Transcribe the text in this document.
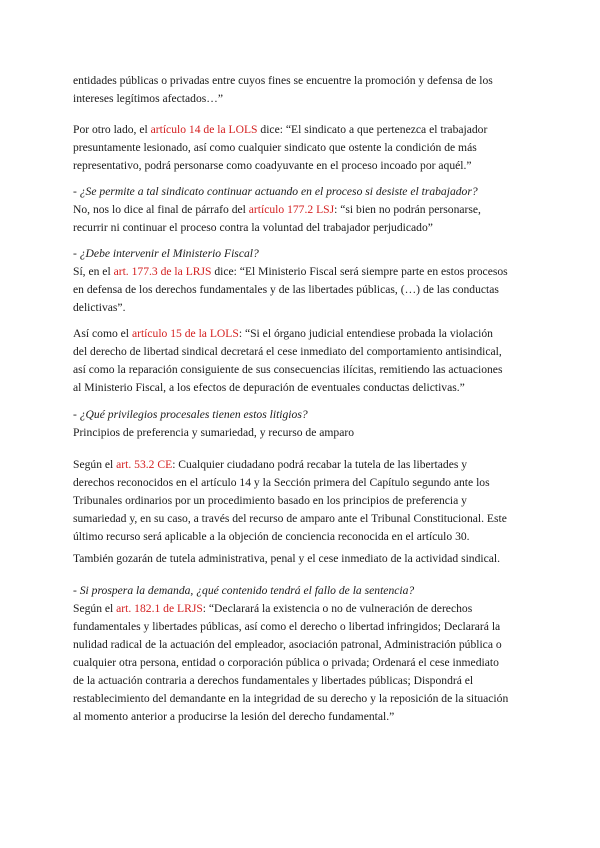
entidades públicas o privadas entre cuyos fines se encuentre la promoción y defensa de los
intereses legítimos afectados…”
Por otro lado, el artículo 14 de la LOLS dice: “El sindicato a que pertenezca el trabajador
presuntamente lesionado, así como cualquier sindicato que ostente la condición de más
representativo, podrá personarse como coadyuvante en el proceso incoado por aquél.”
- ¿Se permite a tal sindicato continuar actuando en el proceso si desiste el trabajador?
No, nos lo dice al final de párrafo del artículo 177.2 LSJ: “si bien no podrán personarse,
recurrir ni continuar el proceso contra la voluntad del trabajador perjudicado”
- ¿Debe intervenir el Ministerio Fiscal?
Sí, en el art. 177.3 de la LRJS dice: “El Ministerio Fiscal será siempre parte en estos procesos
en defensa de los derechos fundamentales y de las libertades públicas, (…) de las conductas
delictivas”.
Así como el artículo 15 de la LOLS: “Si el órgano judicial entendiese probada la violación
del derecho de libertad sindical decretará el cese inmediato del comportamiento antisindical,
así como la reparación consiguiente de sus consecuencias ilícitas, remitiendo las actuaciones
al Ministerio Fiscal, a los efectos de depuración de eventuales conductas delictivas.”
- ¿Qué privilegios procesales tienen estos litigios?
Principios de preferencia y sumariedad, y recurso de amparo
Según el art. 53.2 CE: Cualquier ciudadano podrá recabar la tutela de las libertades y
derechos reconocidos en el artículo 14 y la Sección primera del Capítulo segundo ante los
Tribunales ordinarios por un procedimiento basado en los principios de preferencia y
sumariedad y, en su caso, a través del recurso de amparo ante el Tribunal Constitucional. Este
último recurso será aplicable a la objeción de conciencia reconocida en el artículo 30.
También gozarán de tutela administrativa, penal y el cese inmediato de la actividad sindical.
- Si prospera la demanda, ¿qué contenido tendrá el fallo de la sentencia?
Según el art. 182.1 de LRJS: “Declarará la existencia o no de vulneración de derechos
fundamentales y libertades públicas, así como el derecho o libertad infringidos; Declarará la
nulidad radical de la actuación del empleador, asociación patronal, Administración pública o
cualquier otra persona, entidad o corporación pública o privada; Ordenará el cese inmediato
de la actuación contraria a derechos fundamentales y libertades públicas; Dispondrá el
restablecimiento del demandante en la integridad de su derecho y la reposición de la situación
al momento anterior a producirse la lesión del derecho fundamental.”
